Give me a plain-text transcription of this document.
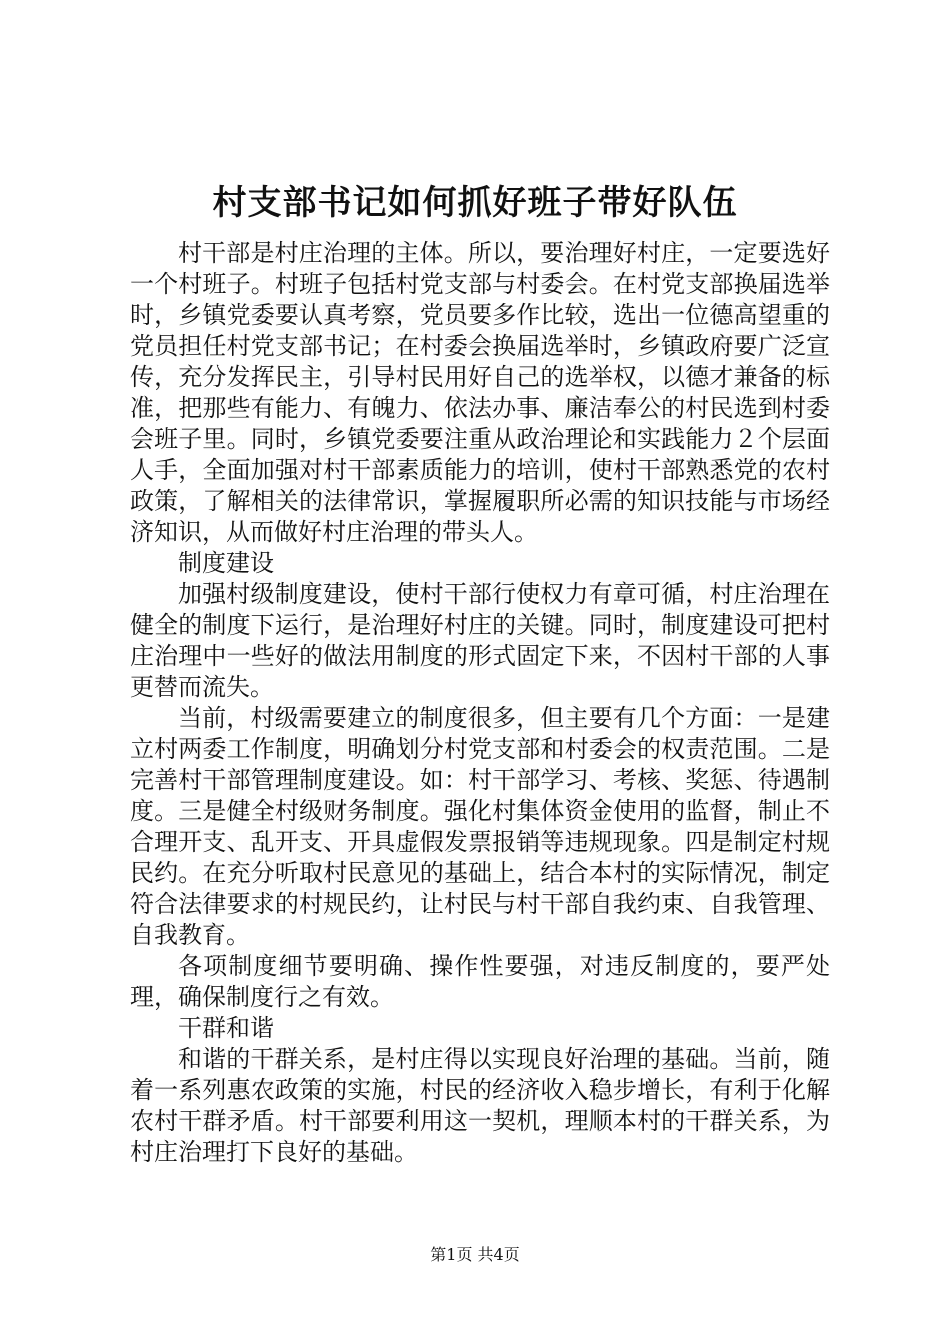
村支部书记如何抓好班子带好队伍

村干部是村庄治理的主体。所以，要治理好村庄，一定要选好一个村班子。村班子包括村党支部与村委会。在村党支部换届选举时，乡镇党委要认真考察，党员要多作比较，选出一位德高望重的党员担任村党支部书记；在村委会换届选举时，乡镇政府要广泛宣传，充分发挥民主，引导村民用好自己的选举权，以德才兼备的标准，把那些有能力、有魄力、依法办事、廉洁奉公的村民选到村委会班子里。同时，乡镇党委要注重从政治理论和实践能力２个层面人手，全面加强对村干部素质能力的培训，使村干部熟悉党的农村政策，了解相关的法律常识，掌握履职所必需的知识技能与市场经济知识，从而做好村庄治理的带头人。

制度建设

加强村级制度建设，使村干部行使权力有章可循，村庄治理在健全的制度下运行，是治理好村庄的关键。同时，制度建设可把村庄治理中一些好的做法用制度的形式固定下来，不因村干部的人事更替而流失。

当前，村级需要建立的制度很多，但主要有几个方面：一是建立村两委工作制度，明确划分村党支部和村委会的权责范围。二是完善村干部管理制度建设。如：村干部学习、考核、奖惩、待遇制度。三是健全村级财务制度。强化村集体资金使用的监督，制止不合理开支、乱开支、开具虚假发票报销等违规现象。四是制定村规民约。在充分听取村民意见的基础上，结合本村的实际情况，制定符合法律要求的村规民约，让村民与村干部自我约束、自我管理、自我教育。

各项制度细节要明确、操作性要强，对违反制度的，要严处理，确保制度行之有效。

干群和谐

和谐的干群关系，是村庄得以实现良好治理的基础。当前，随着一系列惠农政策的实施，村民的经济收入稳步增长，有利于化解农村干群矛盾。村干部要利用这一契机，理顺本村的干群关系，为村庄治理打下良好的基础。

第1页 共4页
